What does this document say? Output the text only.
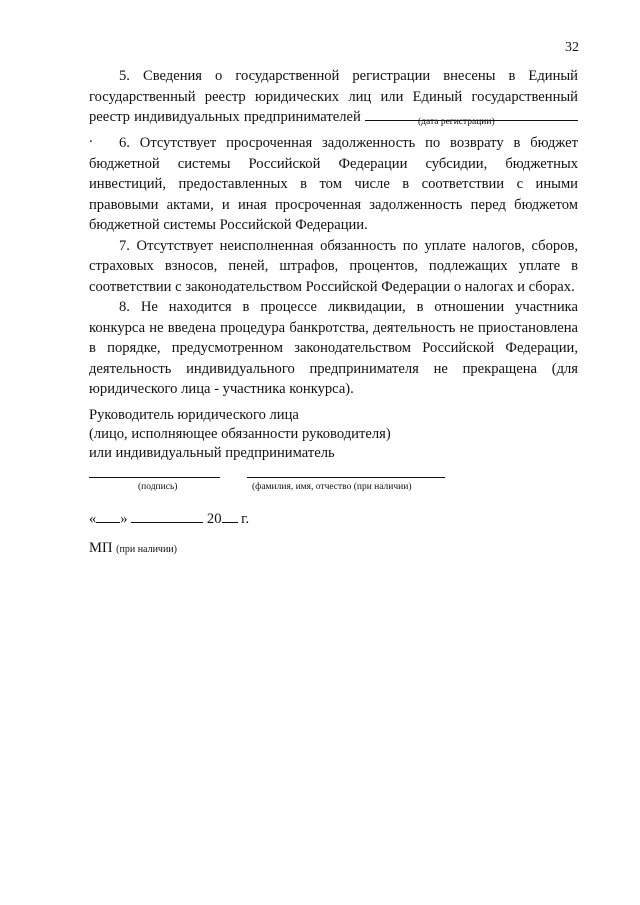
32

5. Сведения о государственной регистрации внесены в Единый государственный реестр юридических лиц или Единый государственный реестр индивидуальных предпринимателей .

(дата регистрации)

6. Отсутствует просроченная задолженность по возврату в бюджет бюджетной системы Российской Федерации субсидии, бюджетных инвестиций, предоставленных в том числе в соответствии с иными правовыми актами, и иная просроченная задолженность перед бюджетом бюджетной системы Российской Федерации.

7. Отсутствует неисполненная обязанность по уплате налогов, сборов, страховых взносов, пеней, штрафов, процентов, подлежащих уплате в соответствии с законодательством Российской Федерации о налогах и сборах.

8. Не находится в процессе ликвидации, в отношении участника конкурса не введена процедура банкротства, деятельность не приостановлена в порядке, предусмотренном законодательством Российской Федерации, деятельность индивидуального предпринимателя не прекращена (для юридического лица - участника конкурса).

Руководитель юридического лица

(лицо, исполняющее обязанности руководителя)

или индивидуальный предприниматель

(подпись)	(фамилия, имя, отчество (при наличии)
« »	20 г.
МП (при наличии)
